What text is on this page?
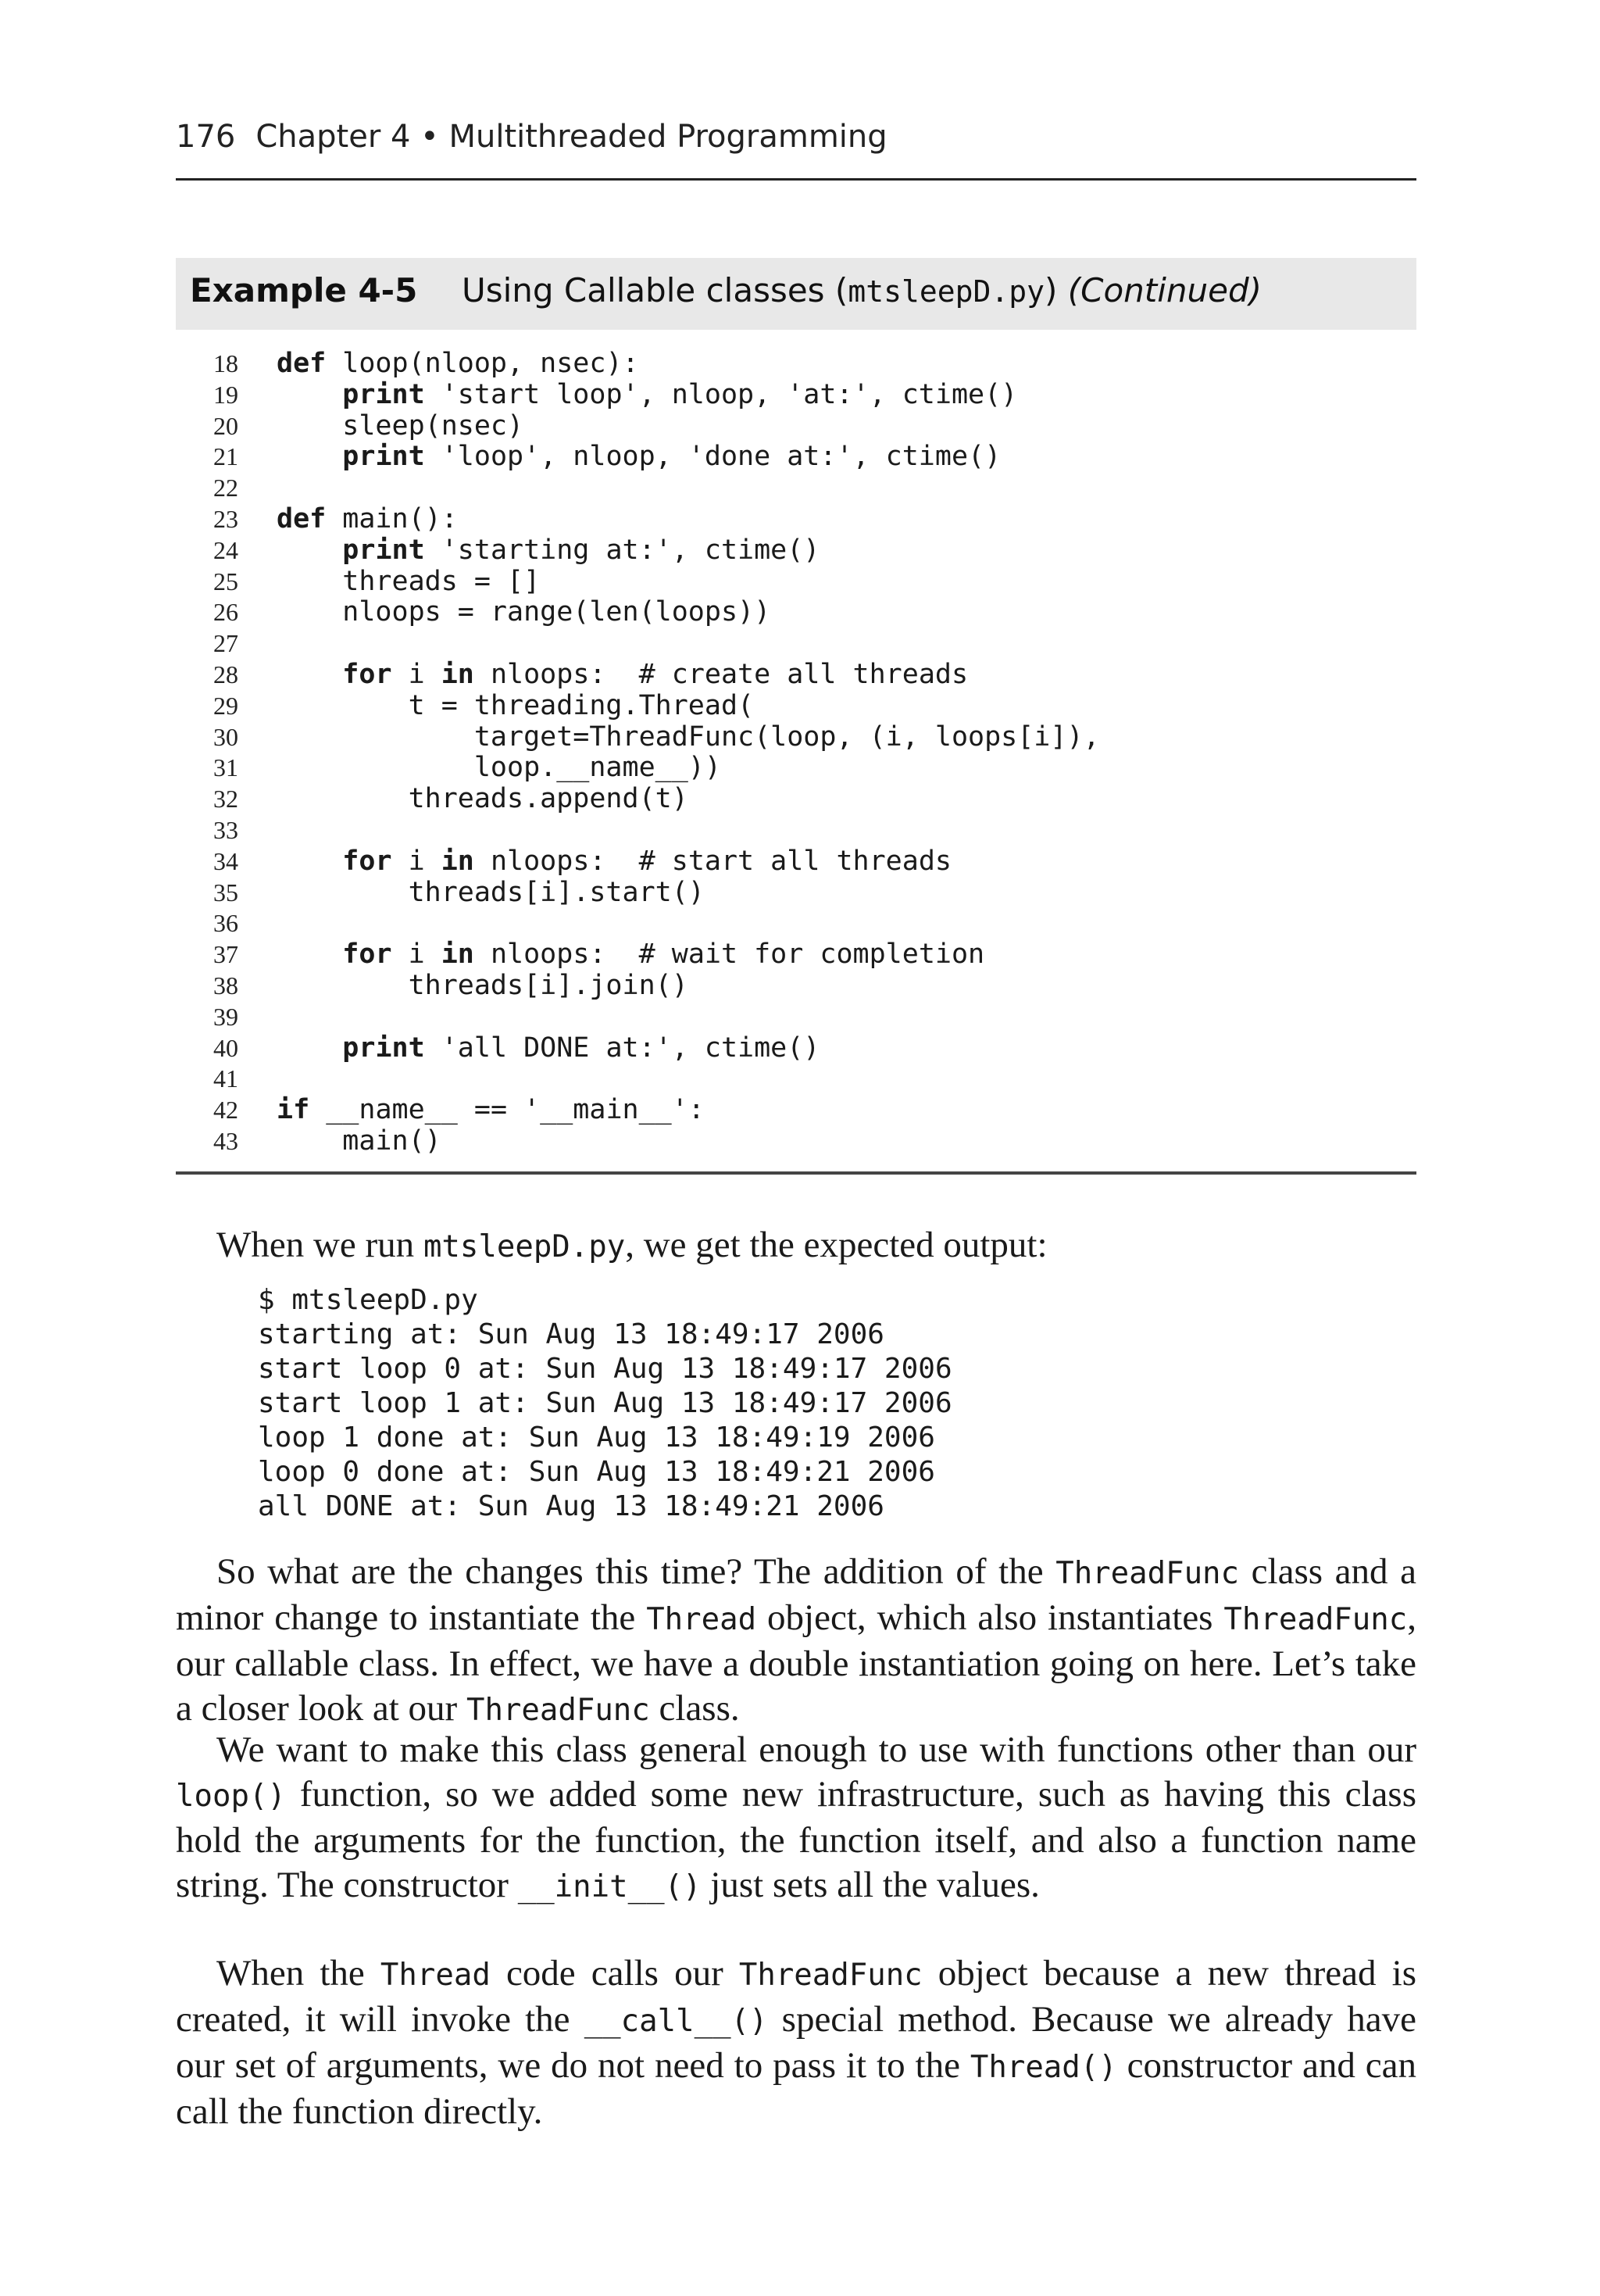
176 Chapter 4 • Multithreaded Programming
Example 4-5 Using Callable classes (mtsleepD.py) (Continued)
18	def loop(nloop, nsec):
19	print 'start loop', nloop, 'at:', ctime()
20	sleep(nsec)
21	print 'loop', nloop, 'done at:', ctime()
22
23	def main():
24	print 'starting at:', ctime()
25	threads = []
26	nloops = range(len(loops))
27
28	for i in nloops:  # create all threads
29	t = threading.Thread(
30	target=ThreadFunc(loop, (i, loops[i]),
31	loop.__name__))
32	threads.append(t)
33
34	for i in nloops:  # start all threads
35	threads[i].start()
36
37	for i in nloops:  # wait for completion
38	threads[i].join()
39
40	print 'all DONE at:', ctime()
41
42	if __name__ == '__main__':
43	main()
When we run mtsleepD.py, we get the expected output:
$ mtsleepD.py
starting at: Sun Aug 13 18:49:17 2006
start loop 0 at: Sun Aug 13 18:49:17 2006
start loop 1 at: Sun Aug 13 18:49:17 2006
loop 1 done at: Sun Aug 13 18:49:19 2006
loop 0 done at: Sun Aug 13 18:49:21 2006
all DONE at: Sun Aug 13 18:49:21 2006
So what are the changes this time? The addition of the ThreadFunc class and a minor change to instantiate the Thread object, which also instantiates ThreadFunc, our callable class. In effect, we have a double instantiation going on here. Let’s take a closer look at our ThreadFunc class.
We want to make this class general enough to use with functions other than our loop() function, so we added some new infrastructure, such as having this class hold the arguments for the function, the function itself, and also a function name string. The constructor __init__() just sets all the values.
When the Thread code calls our ThreadFunc object because a new thread is created, it will invoke the __call__() special method. Because we already have our set of arguments, we do not need to pass it to the Thread() constructor and can call the function directly.
